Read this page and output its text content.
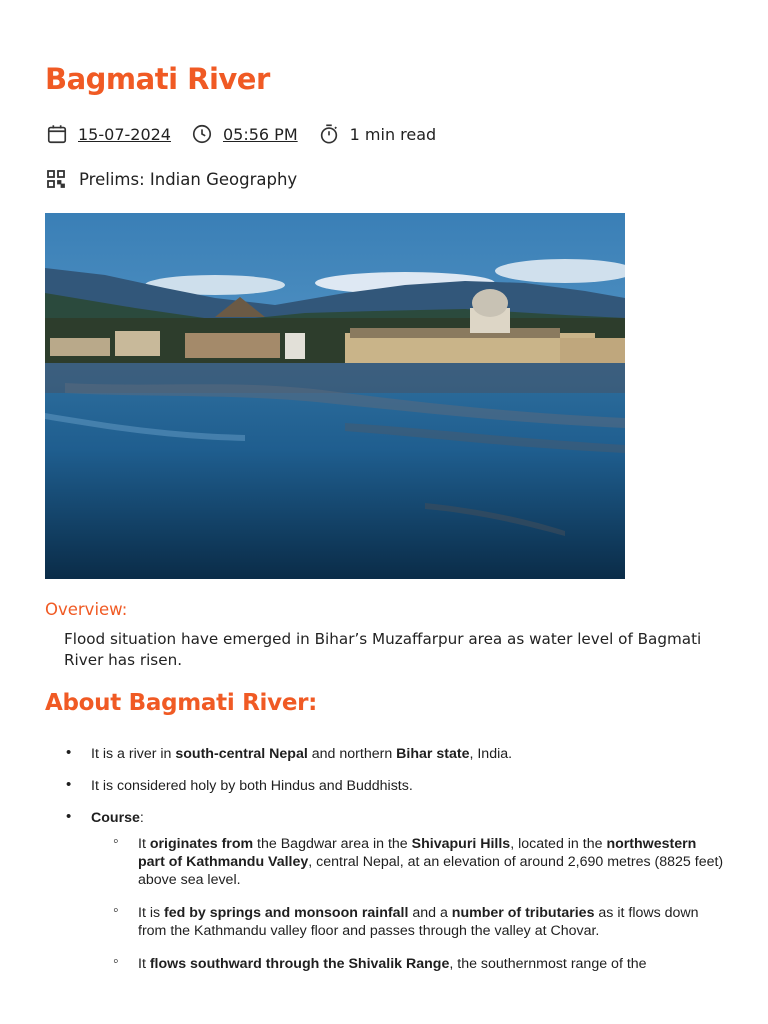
Bagmati River
15-07-2024	05:56 PM	1 min read
Prelims: Indian Geography
Overview:

Flood situation have emerged in Bihar’s Muzaffarpur area as water level of Bagmati River has risen.

About Bagmati River:
• It is a river in south-central Nepal and northern Bihar state, India.
• It is considered holy by both Hindus and Buddhists.
• Course:
◦ It originates from the Bagdwar area in the Shivapuri Hills, located in the northwestern part of Kathmandu Valley, central Nepal, at an elevation of around 2,690 metres (8825 feet) above sea level.
◦ It is fed by springs and monsoon rainfall and a number of tributaries as it flows down from the Kathmandu valley floor and passes through the valley at Chovar.
◦ It flows southward through the Shivalik Range, the southernmost range of the
